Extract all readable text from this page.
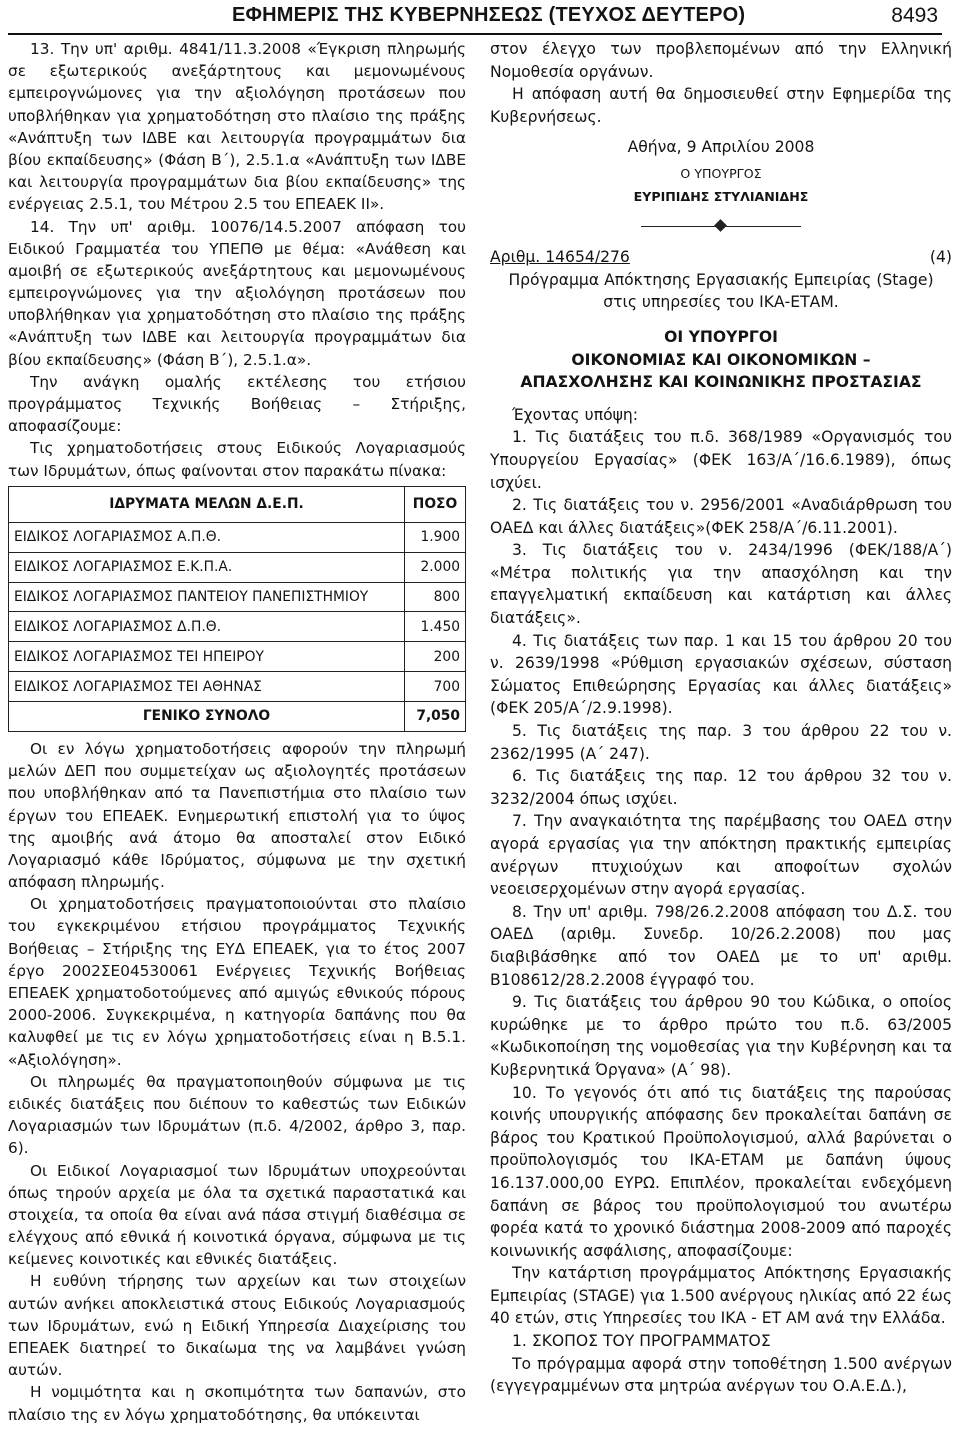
ΕΦΗΜΕΡΙΣ ΤΗΣ ΚΥΒΕΡΝΗΣΕΩΣ (ΤΕΥΧΟΣ ΔΕΥΤΕΡΟ)	8493

13. Την υπ' αριθμ. 4841/11.3.2008 «Έγκριση πληρωμής σε εξωτερικούς ανεξάρτητους και μεμονωμένους εμπειρογνώμονες για την αξιολόγηση προτάσεων που υποβλήθηκαν για χρηματοδότηση στο πλαίσιο της πράξης «Ανάπτυξη των ΙΔΒΕ και λειτουργία προγραμμάτων δια βίου εκπαίδευσης» (Φάση Β΄), 2.5.1.α «Ανάπτυξη των ΙΔΒΕ και λειτουργία προγραμμάτων δια βίου εκπαίδευσης» της ενέργειας 2.5.1, του Μέτρου 2.5 του ΕΠΕΑΕΚ ΙΙ».

14. Την υπ' αριθμ. 10076/14.5.2007 απόφαση του Ειδικού Γραμματέα του ΥΠΕΠΘ με θέμα: «Ανάθεση και αμοιβή σε εξωτερικούς ανεξάρτητους και μεμονωμένους εμπειρογνώμονες για την αξιολόγηση προτάσεων που υποβλήθηκαν για χρηματοδότηση στο πλαίσιο της πράξης «Ανάπτυξη των ΙΔΒΕ και λειτουργία προγραμμάτων δια βίου εκπαίδευσης» (Φάση Β΄), 2.5.1.α».

Την ανάγκη ομαλής εκτέλεσης του ετήσιου προγράμματος Τεχνικής Βοήθειας – Στήριξης, αποφασίζουμε:

Τις χρηματοδοτήσεις στους Ειδικούς Λογαριασμούς των Ιδρυμάτων, όπως φαίνονται στον παρακάτω πίνακα:

ΙΔΡΥΜΑΤΑ ΜΕΛΩΝ Δ.Ε.Π.	ΠΟΣΟ
ΕΙΔΙΚΟΣ ΛΟΓΑΡΙΑΣΜΟΣ Α.Π.Θ.	1.900
ΕΙΔΙΚΟΣ ΛΟΓΑΡΙΑΣΜΟΣ Ε.Κ.Π.Α.	2.000
ΕΙΔΙΚΟΣ ΛΟΓΑΡΙΑΣΜΟΣ ΠΑΝΤΕΙΟΥ ΠΑΝΕΠΙΣΤΗΜΙΟΥ	800
ΕΙΔΙΚΟΣ ΛΟΓΑΡΙΑΣΜΟΣ Δ.Π.Θ.	1.450
ΕΙΔΙΚΟΣ ΛΟΓΑΡΙΑΣΜΟΣ ΤΕΙ ΗΠΕΙΡΟΥ	200
ΕΙΔΙΚΟΣ ΛΟΓΑΡΙΑΣΜΟΣ ΤΕΙ ΑΘΗΝΑΣ	700
ΓΕΝΙΚΟ ΣΥΝΟΛΟ	7,050

Οι εν λόγω χρηματοδοτήσεις αφορούν την πληρωμή μελών ΔΕΠ που συμμετείχαν ως αξιολογητές προτάσεων που υποβλήθηκαν από τα Πανεπιστήμια στο πλαίσιο των έργων του ΕΠΕΑΕΚ. Ενημερωτική επιστολή για το ύψος της αμοιβής ανά άτομο θα αποσταλεί στον Ειδικό Λογαριασμό κάθε Ιδρύματος, σύμφωνα με την σχετική απόφαση πληρωμής.

Οι χρηματοδοτήσεις πραγματοποιούνται στο πλαίσιο του εγκεκριμένου ετήσιου προγράμματος Τεχνικής Βοήθειας – Στήριξης της ΕΥΔ ΕΠΕΑΕΚ, για το έτος 2007 έργο 2002ΣΕ04530061 Ενέργειες Τεχνικής Βοήθειας ΕΠΕΑΕΚ χρηματοδοτούμενες από αμιγώς εθνικούς πόρους 2000-2006. Συγκεκριμένα, η κατηγορία δαπάνης που θα καλυφθεί με τις εν λόγω χρηματοδοτήσεις είναι η Β.5.1. «Αξιολόγηση».

Οι πληρωμές θα πραγματοποιηθούν σύμφωνα με τις ειδικές διατάξεις που διέπουν το καθεστώς των Ειδικών Λογαριασμών των Ιδρυμάτων (π.δ. 4/2002, άρθρο 3, παρ. 6).

Οι Ειδικοί Λογαριασμοί των Ιδρυμάτων υποχρεούνται όπως τηρούν αρχεία με όλα τα σχετικά παραστατικά και στοιχεία, τα οποία θα είναι ανά πάσα στιγμή διαθέσιμα σε ελέγχους από εθνικά ή κοινοτικά όργανα, σύμφωνα με τις κείμενες κοινοτικές και εθνικές διατάξεις.

Η ευθύνη τήρησης των αρχείων και των στοιχείων αυτών ανήκει αποκλειστικά στους Ειδικούς Λογαριασμούς των Ιδρυμάτων, ενώ η Ειδική Υπηρεσία Διαχείρισης του ΕΠΕΑΕΚ διατηρεί το δικαίωμα της να λαμβάνει γνώση αυτών.

Η νομιμότητα και η σκοπιμότητα των δαπανών, στο πλαίσιο της εν λόγω χρηματοδότησης, θα υπόκεινται

στον έλεγχο των προβλεπομένων από την Ελληνική Νομοθεσία οργάνων.

Η απόφαση αυτή θα δημοσιευθεί στην Εφημερίδα της Κυβερνήσεως.

Αθήνα, 9 Απριλίου 2008

Ο ΥΠΟΥΡΓΟΣ

ΕΥΡΙΠΙΔΗΣ ΣΤΥΛΙΑΝΙΔΗΣ

Αριθμ. 14654/276	(4)

Πρόγραμμα Απόκτησης Εργασιακής Εμπειρίας (Stage) στις υπηρεσίες του ΙΚΑ-ΕΤΑΜ.

ΟΙ ΥΠΟΥΡΓΟΙ

ΟΙΚΟΝΟΜΙΑΣ ΚΑΙ ΟΙΚΟΝΟΜΙΚΩΝ –

ΑΠΑΣΧΟΛΗΣΗΣ ΚΑΙ ΚΟΙΝΩΝΙΚΗΣ ΠΡΟΣΤΑΣΙΑΣ

Έχοντας υπόψη:

1. Τις διατάξεις του π.δ. 368/1989 «Οργανισμός του Υπουργείου Εργασίας» (ΦΕΚ 163/Α΄/16.6.1989), όπως ισχύει.

2. Τις διατάξεις του ν. 2956/2001 «Αναδιάρθρωση του ΟΑΕΔ και άλλες διατάξεις»(ΦΕΚ 258/Α΄/6.11.2001).

3. Τις διατάξεις του ν. 2434/1996 (ΦΕΚ/188/Α΄) «Μέτρα πολιτικής για την απασχόληση και την επαγγελματική εκπαίδευση και κατάρτιση και άλλες διατάξεις».

4. Τις διατάξεις των παρ. 1 και 15 του άρθρου 20 του ν. 2639/1998 «Ρύθμιση εργασιακών σχέσεων, σύσταση Σώματος Επιθεώρησης Εργασίας και άλλες διατάξεις» (ΦΕΚ 205/Α΄/2.9.1998).

5. Τις διατάξεις της παρ. 3 του άρθρου 22 του ν. 2362/1995 (Α΄ 247).

6. Τις διατάξεις της παρ. 12 του άρθρου 32 του ν. 3232/2004 όπως ισχύει.

7. Την αναγκαιότητα της παρέμβασης του ΟΑΕΔ στην αγορά εργασίας για την απόκτηση πρακτικής εμπειρίας ανέργων πτυχιούχων και αποφοίτων σχολών νεοεισερχομένων στην αγορά εργασίας.

8. Την υπ' αριθμ. 798/26.2.2008 απόφαση του Δ.Σ. του ΟΑΕΔ (αριθμ. Συνεδρ. 10/26.2.2008) που μας διαβιβάσθηκε από τον ΟΑΕΔ με το υπ' αριθμ. Β108612/28.2.2008 έγγραφό του.

9. Τις διατάξεις του άρθρου 90 του Κώδικα, ο οποίος κυρώθηκε με το άρθρο πρώτο του π.δ. 63/2005 «Κωδικοποίηση της νομοθεσίας για την Κυβέρνηση και τα Κυβερνητικά Όργανα» (Α΄ 98).

10. Το γεγονός ότι από τις διατάξεις της παρούσας κοινής υπουργικής απόφασης δεν προκαλείται δαπάνη σε βάρος του Κρατικού Προϋπολογισμού, αλλά βαρύνεται ο προϋπολογισμός του ΙΚΑ-ΕΤΑΜ με δαπάνη ύψους 16.137.000,00 ΕΥΡΩ. Επιπλέον, προκαλείται ενδεχόμενη δαπάνη σε βάρος του προϋπολογισμού του ανωτέρω φορέα κατά το χρονικό διάστημα 2008-2009 από παροχές κοινωνικής ασφάλισης, αποφασίζουμε:

Την κατάρτιση προγράμματος Απόκτησης Εργασιακής Εμπειρίας (STAGE) για 1.500 ανέργους ηλικίας από 22 έως 40 ετών, στις Υπηρεσίες του ΙΚΑ - ΕΤ ΑΜ ανά την Ελλάδα.

1. ΣΚΟΠΟΣ ΤΟΥ ΠΡΟΓΡΑΜΜΑΤΟΣ

Το πρόγραμμα αφορά στην τοποθέτηση 1.500 ανέργων (εγγεγραμμένων στα μητρώα ανέργων του Ο.Α.Ε.Δ.),
